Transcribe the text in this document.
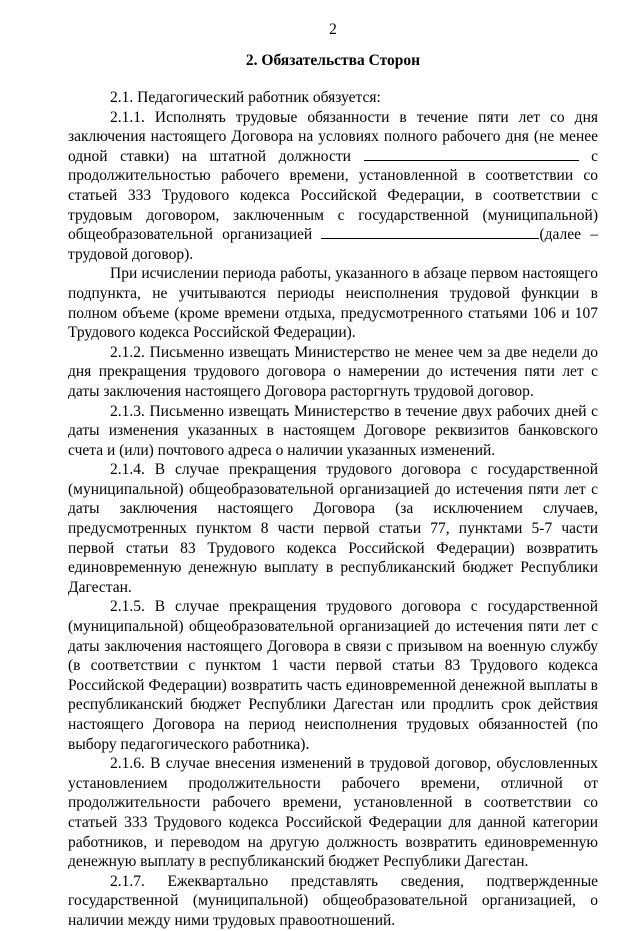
2
2. Обязательства Сторон

2.1. Педагогический работник обязуется:

2.1.1. Исполнять трудовые обязанности в течение пяти лет со дня заключения настоящего Договора на условиях полного рабочего дня (не менее одной ставки) на штатной должности	с продолжительностью рабочего времени, установленной в соответствии со статьей 333 Трудового кодекса Российской Федерации, в соответствии с трудовым договором, заключенным с государственной (муниципальной) общеобразовательной организацией	(далее – трудовой договор).

При исчислении периода работы, указанного в абзаце первом настоящего подпункта, не учитываются периоды неисполнения трудовой функции в полном объеме (кроме времени отдыха, предусмотренного статьями 106 и 107 Трудового кодекса Российской Федерации).

2.1.2. Письменно извещать Министерство не менее чем за две недели до дня прекращения трудового договора о намерении до истечения пяти лет с даты заключения настоящего Договора расторгнуть трудовой договор.

2.1.3. Письменно извещать Министерство в течение двух рабочих дней с даты изменения указанных в настоящем Договоре реквизитов банковского счета и (или) почтового адреса о наличии указанных изменений.

2.1.4. В случае прекращения трудового договора с государственной (муниципальной) общеобразовательной организацией до истечения пяти лет с даты заключения настоящего Договора (за исключением случаев, предусмотренных пунктом 8 части первой статьи 77, пунктами 5-7 части первой статьи 83 Трудового кодекса Российской Федерации) возвратить единовременную денежную выплату в республиканский бюджет Республики Дагестан.

2.1.5. В случае прекращения трудового договора с государственной (муниципальной) общеобразовательной организацией до истечения пяти лет с даты заключения настоящего Договора в связи с призывом на военную службу (в соответствии с пунктом 1 части первой статьи 83 Трудового кодекса Российской Федерации) возвратить часть единовременной денежной выплаты в республиканский бюджет Республики Дагестан или продлить срок действия настоящего Договора на период неисполнения трудовых обязанностей (по выбору педагогического работника).

2.1.6. В случае внесения изменений в трудовой договор, обусловленных установлением продолжительности рабочего времени, отличной от продолжительности рабочего времени, установленной в соответствии со статьей 333 Трудового кодекса Российской Федерации для данной категории работников, и переводом на другую должность возвратить единовременную денежную выплату в республиканский бюджет Республики Дагестан.

2.1.7. Ежеквартально представлять сведения, подтвержденные государственной (муниципальной) общеобразовательной организацией, о наличии между ними трудовых правоотношений.
